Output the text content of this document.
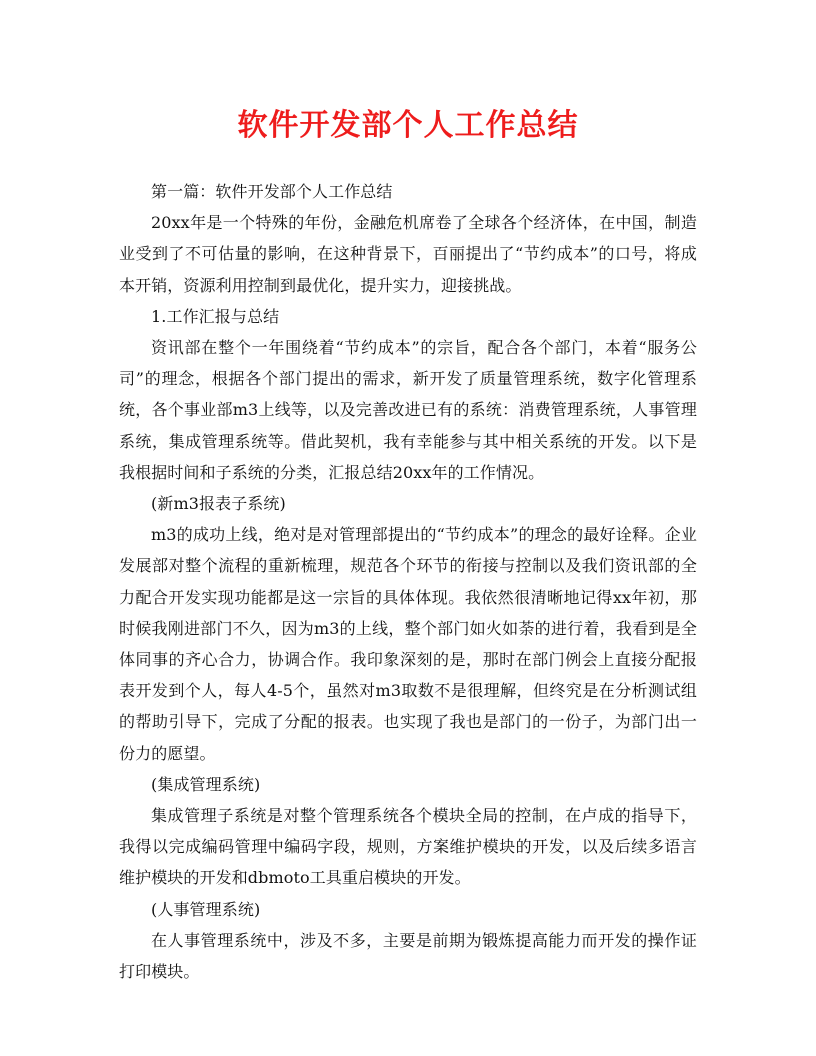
软件开发部个人工作总结

第一篇：软件开发部个人工作总结

20xx年是一个特殊的年份，金融危机席卷了全球各个经济体，在中国，制造业受到了不可估量的影响，在这种背景下，百丽提出了“节约成本”的口号，将成本开销，资源利用控制到最优化，提升实力，迎接挑战。

1.工作汇报与总结

资讯部在整个一年围绕着“节约成本”的宗旨，配合各个部门，本着“服务公司”的理念，根据各个部门提出的需求，新开发了质量管理系统，数字化管理系统，各个事业部m3上线等，以及完善改进已有的系统：消费管理系统，人事管理系统，集成管理系统等。借此契机，我有幸能参与其中相关系统的开发。以下是我根据时间和子系统的分类，汇报总结20xx年的工作情况。

(新m3报表子系统)

m3的成功上线，绝对是对管理部提出的“节约成本”的理念的最好诠释。企业发展部对整个流程的重新梳理，规范各个环节的衔接与控制以及我们资讯部的全力配合开发实现功能都是这一宗旨的具体体现。我依然很清晰地记得xx年初，那时候我刚进部门不久，因为m3的上线，整个部门如火如荼的进行着，我看到是全体同事的齐心合力，协调合作。我印象深刻的是，那时在部门例会上直接分配报表开发到个人，每人4-5个，虽然对m3取数不是很理解，但终究是在分析测试组的帮助引导下，完成了分配的报表。也实现了我也是部门的一份子，为部门出一份力的愿望。

(集成管理系统)

集成管理子系统是对整个管理系统各个模块全局的控制，在卢成的指导下，我得以完成编码管理中编码字段，规则，方案维护模块的开发，以及后续多语言维护模块的开发和dbmoto工具重启模块的开发。

(人事管理系统)

在人事管理系统中，涉及不多，主要是前期为锻炼提高能力而开发的操作证打印模块。
